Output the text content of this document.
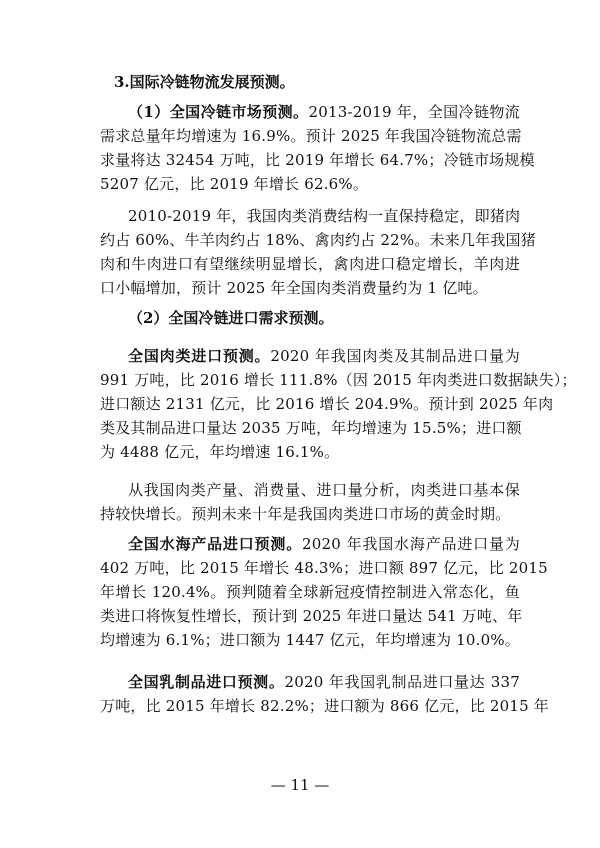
3.国际冷链物流发展预测。
（1）全国冷链市场预测。2013-2019 年，全国冷链物流
需求总量年均增速为 16.9%。预计 2025 年我国冷链物流总需
求量将达 32454 万吨，比 2019 年增长 64.7%；冷链市场规模
5207 亿元，比 2019 年增长 62.6%。
2010-2019 年，我国肉类消费结构一直保持稳定，即猪肉
约占 60%、牛羊肉约占 18%、禽肉约占 22%。未来几年我国猪
肉和牛肉进口有望继续明显增长，禽肉进口稳定增长，羊肉进
口小幅增加，预计 2025 年全国肉类消费量约为 1 亿吨。
（2）全国冷链进口需求预测。
全国肉类进口预测。2020 年我国肉类及其制品进口量为
991 万吨，比 2016 增长 111.8%（因 2015 年肉类进口数据缺失）；
进口额达 2131 亿元，比 2016 增长 204.9%。预计到 2025 年肉
类及其制品进口量达 2035 万吨，年均增速为 15.5%；进口额
为 4488 亿元，年均增速 16.1%。
从我国肉类产量、消费量、进口量分析，肉类进口基本保
持较快增长。预判未来十年是我国肉类进口市场的黄金时期。
全国水海产品进口预测。2020 年我国水海产品进口量为
402 万吨，比 2015 年增长 48.3%；进口额 897 亿元，比 2015
年增长 120.4%。预判随着全球新冠疫情控制进入常态化，鱼
类进口将恢复性增长，预计到 2025 年进口量达 541 万吨、年
均增速为 6.1%；进口额为 1447 亿元，年均增速为 10.0%。
全国乳制品进口预测。2020 年我国乳制品进口量达 337
万吨，比 2015 年增长 82.2%；进口额为 866 亿元，比 2015 年
— 11 —
